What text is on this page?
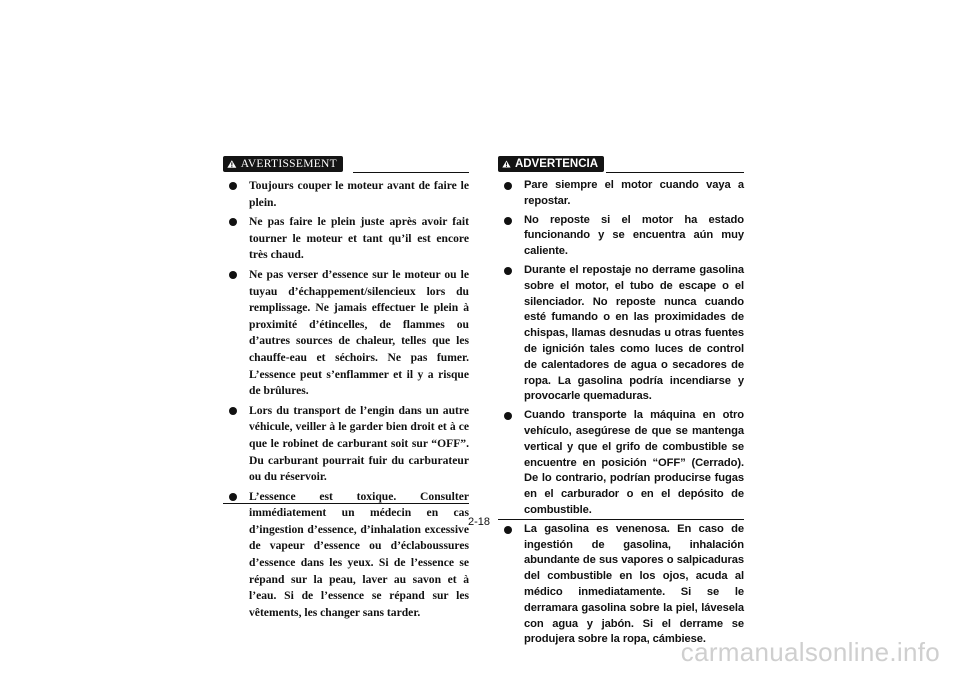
AVERTISSEMENT
Toujours couper le moteur avant de faire le plein.
Ne pas faire le plein juste après avoir fait tourner le moteur et tant qu’il est encore très chaud.
Ne pas verser d’essence sur le moteur ou le tuyau d’échappement/silencieux lors du remplissage. Ne jamais effectuer le plein à proximité d’étincelles, de flammes ou d’autres sources de chaleur, telles que les chauffe-eau et séchoirs. Ne pas fumer. L’essence peut s’enflammer et il y a risque de brûlures.
Lors du transport de l’engin dans un autre véhicule, veiller à le garder bien droit et à ce que le robinet de carburant soit sur “OFF”. Du carburant pourrait fuir du carburateur ou du réservoir.
L’essence est toxique. Consulter immédiatement un médecin en cas d’ingestion d’essence, d’inhalation excessive de vapeur d’essence ou d’éclaboussures d’essence dans les yeux. Si de l’essence se répand sur la peau, laver au savon et à l’eau. Si de l’essence se répand sur les vêtements, les changer sans tarder.
ADVERTENCIA
Pare siempre el motor cuando vaya a repostar.
No reposte si el motor ha estado funcionando y se encuentra aún muy caliente.
Durante el repostaje no derrame gasolina sobre el motor, el tubo de escape o el silenciador. No reposte nunca cuando esté fumando o en las proximidades de chispas, llamas desnudas u otras fuentes de ignición tales como luces de control de calentadores de agua o secadores de ropa. La gasolina podría incendiarse y provocarle quemaduras.
Cuando transporte la máquina en otro vehículo, asegúrese de que se mantenga vertical y que el grifo de combustible se encuentre en posición “OFF” (Cerrado). De lo contrario, podrían producirse fugas en el carburador o en el depósito de combustible.
La gasolina es venenosa. En caso de ingestión de gasolina, inhalación abundante de sus vapores o salpicaduras del combustible en los ojos, acuda al médico inmediatamente. Si se le derramara gasolina sobre la piel, lávesela con agua y jabón. Si el derrame se produjera sobre la ropa, cámbiese.
2-18
carmanualsonline.info
